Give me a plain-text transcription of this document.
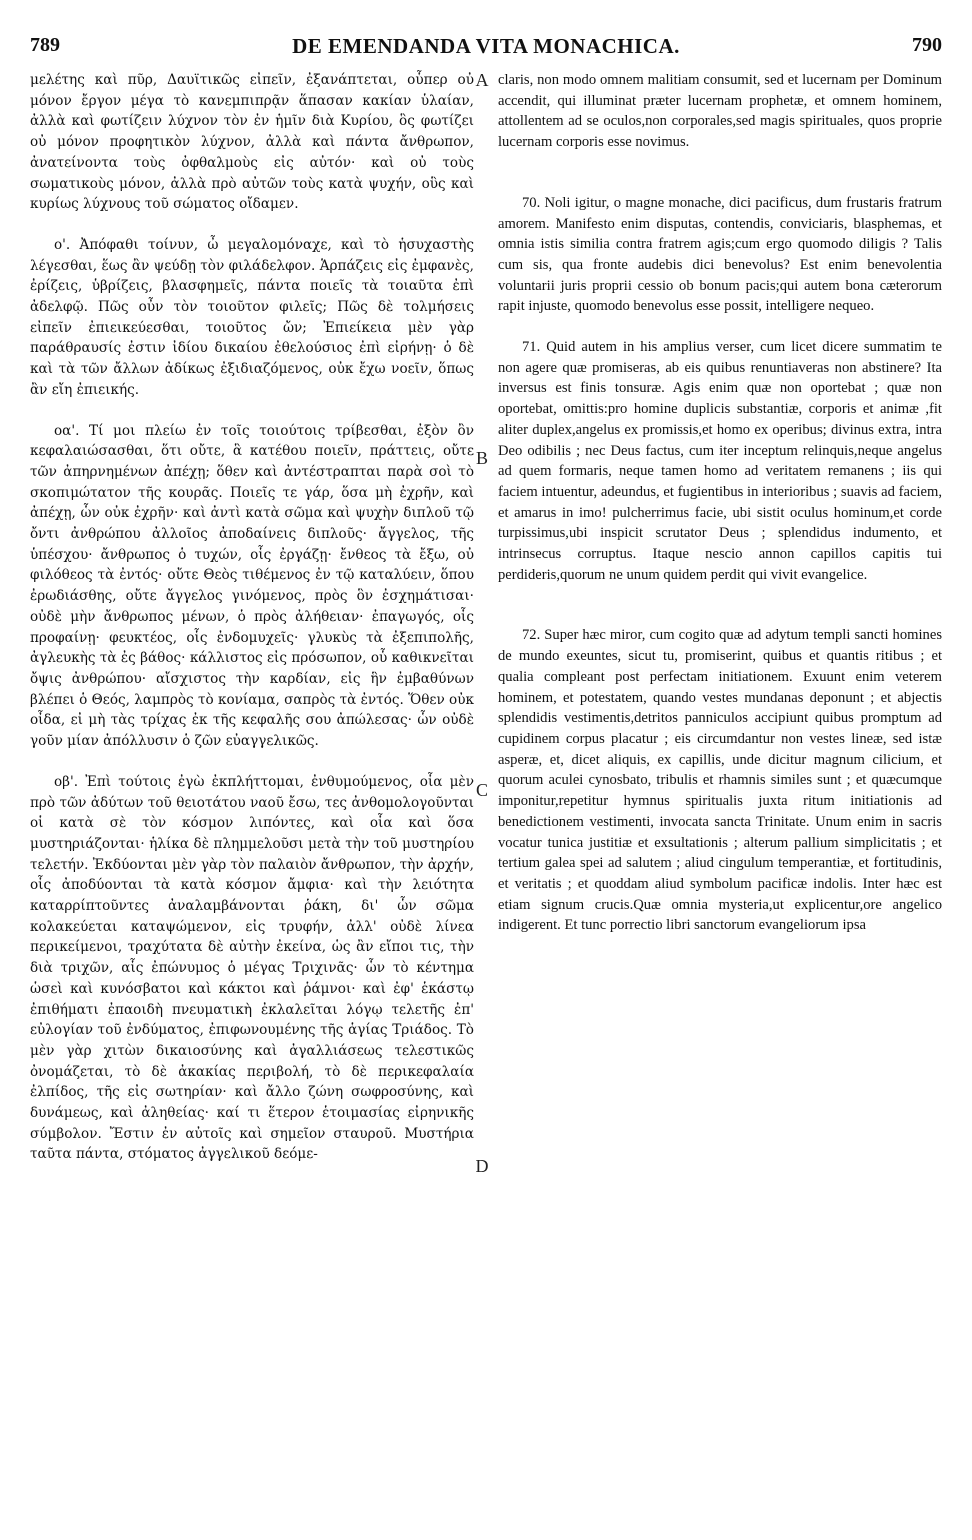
789	DE EMENDANDA VITA MONACHICA.	790

μελέτης καὶ πῦρ, Δαυϊτικῶς εἰπεῖν, ἐξανάπτεται, οὗπερ οὐ μόνον ἔργον μέγα τὸ κανεμπιπρᾷν ἅπασαν κακίαν ὑλαίαν, ἀλλὰ καὶ φωτίζειν λύχνον τὸν ἐν ἡμῖν διὰ Κυρίου, ὃς φωτίζει οὐ μόνον προφητικὸν λύχνον, ἀλλὰ καὶ πάντα ἄνθρωπον, ἀνατείνοντα τοὺς ὀφθαλμοὺς εἰς αὐτόν· καὶ οὐ τοὺς σωματικοὺς μόνον, ἀλλὰ πρὸ αὐτῶν τοὺς κατὰ ψυχήν, οὓς καὶ κυρίως λύχνους τοῦ σώματος οἴδαμεν.

ο'. Ἀπόφαθι τοίνυν, ὦ μεγαλομόναχε, καὶ τὸ ἡσυχαστὴς λέγεσθαι, ἕως ἂν ψεύδῃ τὸν φιλάδελφον. Ἁρπάζεις εἰς ἐμφανὲς, ἐρίζεις, ὑβρίζεις, βλασφημεῖς, πάντα ποιεῖς τὰ τοιαῦτα ἐπὶ ἀδελφῷ. Πῶς οὖν τὸν τοιοῦτον φιλεῖς; Πῶς δὲ τολμήσεις εἰπεῖν ἐπιεικεύεσθαι, τοιοῦτος ὤν; Ἐπιείκεια μὲν γὰρ παράθραυσίς ἐστιν ἰδίου δικαίου ἐθελούσιος ἐπὶ εἰρήνῃ· ὁ δὲ καὶ τὰ τῶν ἄλλων ἀδίκως ἐξιδιαζόμενος, οὐκ ἔχω νοεῖν, ὅπως ἂν εἴη ἐπιεικής.

οα'. Τί μοι πλείω ἐν τοῖς τοιούτοις τρίβεσθαι, ἐξὸν ὂν κεφαλαιώσασθαι, ὅτι οὔτε, ἃ κατέθου ποιεῖν, πράττεις, οὔτε τῶν ἀπηρνημένων ἀπέχῃ; ὅθεν καὶ ἀντέστραπται παρὰ σοὶ τὸ σκοπιμώτατον τῆς κουρᾶς. Ποιεῖς τε γάρ, ὅσα μὴ ἐχρῆν, καὶ ἀπέχῃ, ὧν οὐκ ἐχρῆν· καὶ ἀντὶ κατὰ σῶμα καὶ ψυχὴν διπλοῦ τῷ ὄντι ἀνθρώπου ἀλλοῖος ἀποδαίνεις διπλοῦς· ἄγγελος, τῆς ὑπέσχου· ἄνθρωπος ὁ τυχών, οἷς ἐργάζῃ· ἔνθεος τὰ ἔξω, οὐ φιλόθεος τὰ ἐντός· οὔτε Θεὸς τιθέμενος ἐν τῷ καταλύειν, ὅπου ἐρωδιάσθης, οὔτε ἄγγελος γινόμενος, πρὸς ὃν ἐσχημάτισαι· οὐδὲ μὴν ἄνθρωπος μένων, ὁ πρὸς ἀλήθειαν· ἐπαγωγός, οἷς προφαίνῃ· φευκτέος, οἷς ἐνδομυχεῖς· γλυκὺς τὰ ἐξεπιπολῆς, ἀγλευκὴς τὰ ἐς βάθος· κάλλιστος εἰς πρόσωπον, οὗ καθικνεῖται ὄψις ἀνθρώπου· αἴσχιστος τὴν καρδίαν, εἰς ἣν ἐμβαθύνων βλέπει ὁ Θεός, λαμπρὸς τὸ κονίαμα, σαπρὸς τὰ ἐντός. Ὅθεν οὐκ οἶδα, εἰ μὴ τὰς τρίχας ἐκ τῆς κεφαλῆς σου ἀπώλεσας· ὧν οὐδὲ γοῦν μίαν ἀπόλλυσιν ὁ ζῶν εὐαγγελικῶς.

οβ'. Ἐπὶ τούτοις ἐγὼ ἐκπλήττομαι, ἐνθυμούμενος, οἷα μὲν πρὸ τῶν ἀδύτων τοῦ θειοτάτου ναοῦ ἔσω, τες ἀνθομολογοῦνται οἱ κατὰ σὲ τὸν κόσμον λιπόντες, καὶ οἷα καὶ ὅσα μυστηριάζονται· ἡλίκα δὲ πλημμελοῦσι μετὰ τὴν τοῦ μυστηρίου τελετήν. Ἐκδύονται μὲν γὰρ τὸν παλαιὸν ἄνθρωπον, τὴν ἀρχήν, οἷς ἀποδύονται τὰ κατὰ κόσμον ἄμφια· καὶ τὴν λειότητα καταρρίπτοῦντες ἀναλαμβάνονται ῥάκη, δι' ὧν σῶμα κολακεύεται καταψώμενον, εἰς τρυφήν, ἀλλ' οὐδὲ λίνεα περικείμενοι, τραχύτατα δὲ αὐτὴν ἐκείνα, ὡς ἂν εἴποι τις, τὴν διὰ τριχῶν, αἷς ἐπώνυμος ὁ μέγας Τριχινᾶς· ὧν τὸ κέντημα ὡσεὶ καὶ κυνόσβατοι καὶ κάκτοι καὶ ῥάμνοι· καὶ ἐφ' ἑκάστῳ ἐπιθήματι ἐπαοιδὴ πνευματικὴ ἐκλαλεῖται λόγῳ τελετῆς ἐπ' εὐλογίαν τοῦ ἐνδύματος, ἐπιφωνουμένης τῆς ἁγίας Τριάδος. Τὸ μὲν γὰρ χιτὼν δικαιοσύνης καὶ ἀγαλλιάσεως τελεστικῶς ὀνομάζεται, τὸ δὲ ἀκακίας περιβολή, τὸ δὲ περικεφαλαία ἐλπίδος, τῆς εἰς σωτηρίαν· καὶ ἄλλο ζώνη σωφροσύνης, καὶ δυνάμεως, καὶ ἀληθείας· καί τι ἕτερον ἑτοιμασίας εἰρηνικῆς σύμβολον. Ἔστιν ἐν αὐτοῖς καὶ σημεῖον σταυροῦ. Μυστήρια ταῦτα πάντα, στόματος ἀγγελικοῦ δεόμε-

A
B
C
D

claris, non modo omnem malitiam consumit, sed et lucernam per Dominum accendit, qui illuminat præter lucernam prophetæ, et omnem hominem, attollentem ad se oculos,non corporales,sed magis spirituales, quos proprie lucernam corporis esse novimus.

70. Noli igitur, o magne monache, dici pacificus, dum frustaris fratrum amorem. Manifesto enim disputas, contendis, conviciaris, blasphemas, et omnia istis similia contra fratrem agis;cum ergo quomodo diligis ? Talis cum sis, qua fronte audebis dici benevolus? Est enim benevolentia voluntarii juris proprii cessio ob bonum pacis;qui autem bona cæterorum rapit injuste, quomodo benevolus esse possit, intelligere nequeo.

71. Quid autem in his amplius verser, cum licet dicere summatim te non agere quæ promiseras, ab eis quibus renuntiaveras non abstinere? Ita inversus est finis tonsuræ. Agis enim quæ non oportebat ; quæ non oportebat, omittis:pro homine duplicis substantiæ, corporis et animæ ,fit aliter duplex,angelus ex promissis,et homo ex operibus; divinus extra, intra Deo odibilis ; nec Deus factus, cum iter inceptum relinquis,neque angelus ad quem formaris, neque tamen homo ad veritatem remanens ; iis qui faciem intuentur, adeundus, et fugientibus in interioribus ; suavis ad faciem, et amarus in imo! pulcherrimus facie, ubi sistit oculus hominum,et corde turpissimus,ubi inspicit scrutator Deus ; splendidus indumento, et intrinsecus corruptus. Itaque nescio annon capillos capitis tui perdideris,quorum ne unum quidem perdit qui vivit evangelice.

72. Super hæc miror, cum cogito quæ ad adytum templi sancti homines de mundo exeuntes, sicut tu, promiserint, quibus et quantis ritibus ; et qualia compleant post perfectam initiationem. Exuunt enim veterem hominem, et potestatem, quando vestes mundanas deponunt ; et abjectis splendidis vestimentis,detritos panniculos accipiunt quibus promptum ad cupidinem corpus placatur ; eis circumdantur non vestes lineæ, sed istæ asperæ, et, dicet aliquis, ex capillis, unde dicitur magnum cilicium, et quorum aculei cynosbato, tribulis et rhamnis similes sunt ; et quæcumque imponitur,repetitur hymnus spiritualis juxta ritum initiationis ad benedictionem vestimenti, invocata sancta Trinitate. Unum enim in sacris vocatur tunica justitiæ et exsultationis ; alterum pallium simplicitatis ; et tertium galea spei ad salutem ; aliud cingulum temperantiæ, et fortitudinis, et veritatis ; et quoddam aliud symbolum pacificæ indolis. Inter hæc est etiam signum crucis.Quæ omnia mysteria,ut explicentur,ore angelico indigerent. Et tunc porrectio libri sanctorum evangeliorum ipsa
